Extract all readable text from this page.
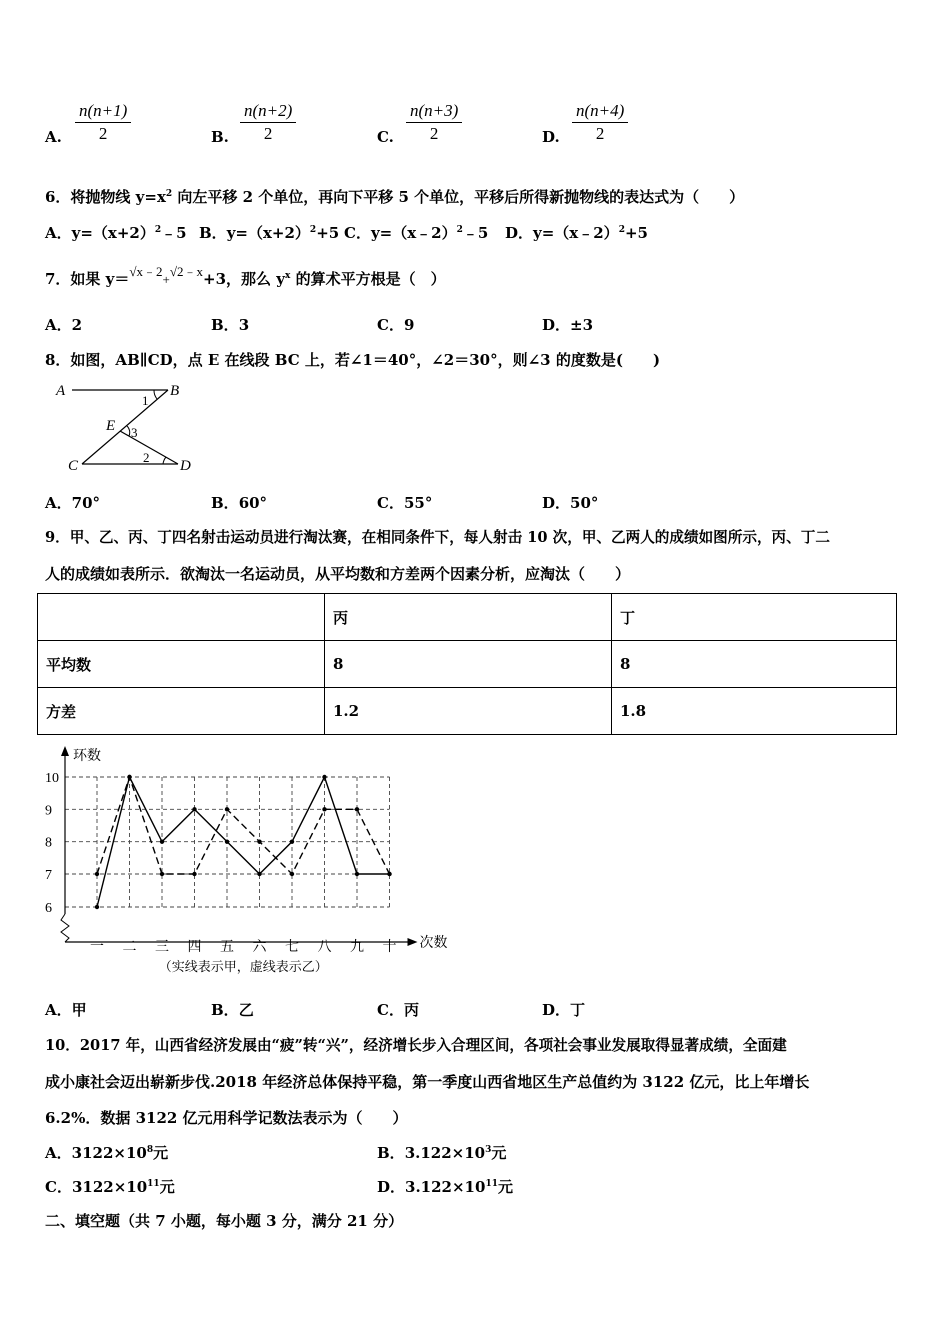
A. $\frac{n(n+1)}{2}$	B. $\frac{n(n+2)}{2}$	C. $\frac{n(n+3)}{2}$	D. $\frac{n(n+4)}{2}$
6．将抛物线 $y=x^2$ 向左平移 2 个单位，再向下平移 5 个单位，平移后所得新抛物线的表达式为（　　）
A．$y=(x+2)^2﹣5$ B．$y=(x+2)^2+5$ C．y=（x﹣2）$^2$﹣5 D．y=（x﹣2）$^2$+5
7．如果 y＝√x﹣2+√2﹣x+3，那么 $y^x$ 的算术平方根是（　）
A．2	B．3	C．9	D．±3
8．如图，AB∥CD，点 E 在线段 BC 上，若∠1＝40°，∠2＝30°，则∠3 的度数是(　　)
A	B
C	D
E
1
2
3
A．70°	B．60°	C．55°	D．50°
9．甲、乙、丙、丁四名射击运动员进行淘汰赛，在相同条件下，每人射击 10 次，甲、乙两人的成绩如图所示，丙、丁二
人的成绩如表所示．欲淘汰一名运动员，从平均数和方差两个因素分析，应淘汰（　　）
	丙	丁
平均数	8	8
方差	1.2	1.8
6
7
8
9
10
环数
次数
一 二 三 四 五 六 七 八 九 十
（实线表示甲，虚线表示乙）
A．甲	B．乙	C．丙	D．丁
10．2017 年，山西省经济发展由“疲”转“兴”，经济增长步入合理区间，各项社会事业发展取得显著成绩，全面建
成小康社会迈出崭新步伐.2018 年经济总体保持平稳，第一季度山西省地区生产总值约为 3122 亿元，比上年增长
6.2%．数据 3122 亿元用科学记数法表示为（　　）
A．$3122\times 10^8$元	B．$3.122\times 10^3$元
C．$3122\times 10^{11}$元	D．$3.122\times 10^{11}$元
二、填空题（共 7 小题，每小题 3 分，满分 21 分）
